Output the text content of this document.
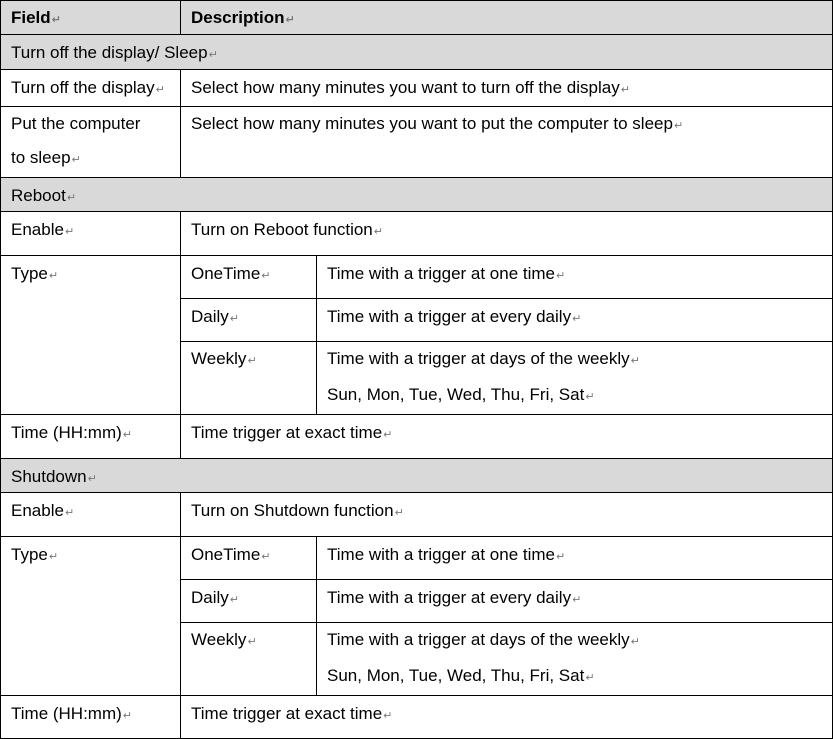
Field↵	Description↵	
Turn off the display/ Sleep↵		
Turn off the display↵	Select how many minutes you want to turn off the display↵	

Put the computer
to sleep↵	Select how many minutes you want to put the computer to sleep↵	

Reboot↵		
Enable↵	Turn on Reboot function↵	
Type↵	OneTime↵	Time with a trigger at one time↵
	Daily↵	Time with a trigger at every daily↵

	Weekly↵	Time with a trigger at days of the weekly↵
Sun, Mon, Tue, Wed, Thu, Fri, Sat↵

Time (HH:mm)↵	Time trigger at exact time↵	
Shutdown↵		
Enable↵	Turn on Shutdown function↵	
Type↵	OneTime↵	Time with a trigger at one time↵
	Daily↵	Time with a trigger at every daily↵

	Weekly↵	Time with a trigger at days of the weekly↵
Sun, Mon, Tue, Wed, Thu, Fri, Sat↵

Time (HH:mm)↵	Time trigger at exact time↵	
